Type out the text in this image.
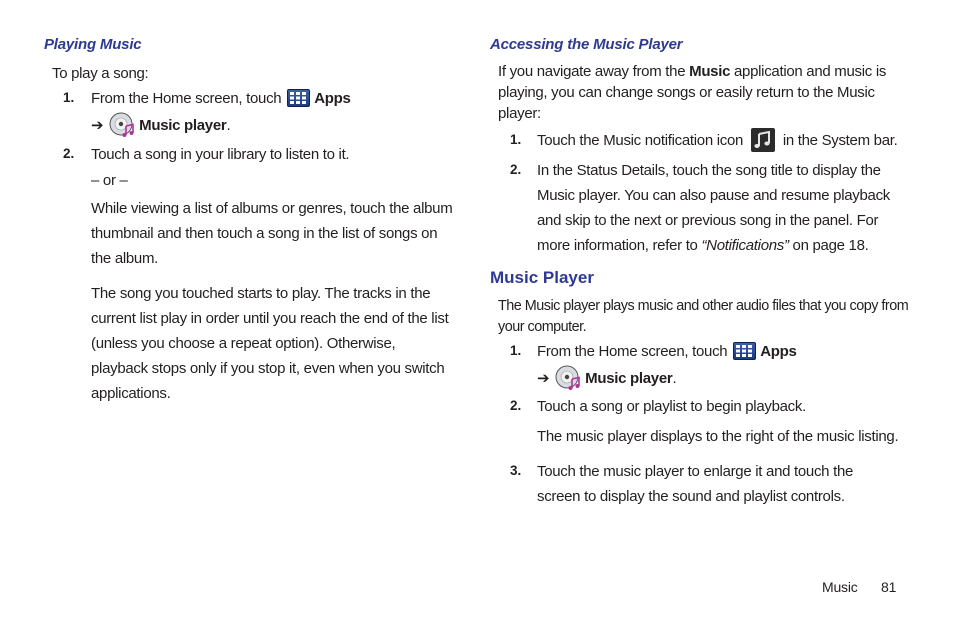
Playing Music
To play a song:
1. From the Home screen, touch Apps
➔ Music player.
2. Touch a song in your library to listen to it.
– or –
While viewing a list of albums or genres, touch the album thumbnail and then touch a song in the list of songs on the album.
The song you touched starts to play. The tracks in the current list play in order until you reach the end of the list (unless you choose a repeat option). Otherwise, playback stops only if you stop it, even when you switch applications.
Accessing the Music Player
If you navigate away from the Music application and music is playing, you can change songs or easily return to the Music player:
1. Touch the Music notification icon	in the System bar.
2. In the Status Details, touch the song title to display the Music player. You can also pause and resume playback and skip to the next or previous song in the panel. For more information, refer to “Notifications” on page 18.
Music Player
The Music player plays music and other audio files that you copy from your computer.
1. From the Home screen, touch Apps
➔ Music player.
2. Touch a song or playlist to begin playback.
The music player displays to the right of the music listing.
3. Touch the music player to enlarge it and touch the screen to display the sound and playlist controls.
Music 81
